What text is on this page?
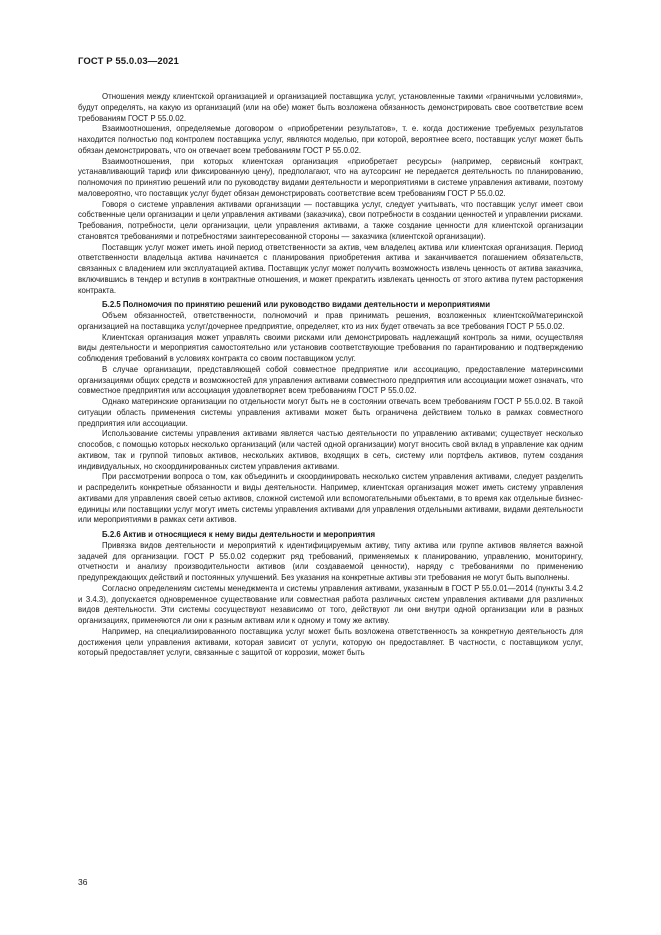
ГОСТ Р 55.0.03—2021

Отношения между клиентской организацией и организацией поставщика услуг, установленные такими «граничными условиями», будут определять, на какую из организаций (или на обе) может быть возложена обязанность демонстрировать свое соответствие всем требованиям ГОСТ Р 55.0.02.

Взаимоотношения, определяемые договором о «приобретении результатов», т. е. когда достижение требуемых результатов находится полностью под контролем поставщика услуг, являются моделью, при которой, вероятнее всего, поставщик услуг может быть обязан демонстрировать, что он отвечает всем требованиям ГОСТ Р 55.0.02.

Взаимоотношения, при которых клиентская организация «приобретает ресурсы» (например, сервисный контракт, устанавливающий тариф или фиксированную цену), предполагают, что на аутсорсинг не передается деятельность по планированию, полномочия по принятию решений или по руководству видами деятельности и мероприятиями в системе управления активами, поэтому маловероятно, что поставщик услуг будет обязан демонстрировать соответствие всем требованиям ГОСТ Р 55.0.02.

Говоря о системе управления активами организации — поставщика услуг, следует учитывать, что поставщик услуг имеет свои собственные цели организации и цели управления активами (заказчика), свои потребности в создании ценностей и управлении рисками. Требования, потребности, цели организации, цели управления активами, а также создание ценности для клиентской организации становятся требованиями и потребностями заинтересованной стороны — заказчика (клиентской организации).

Поставщик услуг может иметь иной период ответственности за актив, чем владелец актива или клиентская организация. Период ответственности владельца актива начинается с планирования приобретения актива и заканчивается погашением обязательств, связанных с владением или эксплуатацией актива. Поставщик услуг может получить возможность извлечь ценность от актива заказчика, включившись в тендер и вступив в контрактные отношения, и может прекратить извлекать ценность от этого актива путем расторжения контракта.

Б.2.5 Полномочия по принятию решений или руководство видами деятельности и мероприятиями

Объем обязанностей, ответственности, полномочий и прав принимать решения, возложенных клиентской/материнской организацией на поставщика услуг/дочернее предприятие, определяет, кто из них будет отвечать за все требования ГОСТ Р 55.0.02.

Клиентская организация может управлять своими рисками или демонстрировать надлежащий контроль за ними, осуществляя виды деятельности и мероприятия самостоятельно или установив соответствующие требования по гарантированию и подтверждению соблюдения требований в условиях контракта со своим поставщиком услуг.

В случае организации, представляющей собой совместное предприятие или ассоциацию, предоставление материнскими организациями общих средств и возможностей для управления активами совместного предприятия или ассоциации может означать, что совместное предприятия или ассоциация удовлетворяет всем требованиям ГОСТ Р 55.0.02.

Однако материнские организации по отдельности могут быть не в состоянии отвечать всем требованиям ГОСТ Р 55.0.02. В такой ситуации область применения системы управления активами может быть ограничена действием только в рамках совместного предприятия или ассоциации.

Использование системы управления активами является частью деятельности по управлению активами; существует несколько способов, с помощью которых несколько организаций (или частей одной организации) могут вносить свой вклад в управление как одним активом, так и группой типовых активов, нескольких активов, входящих в сеть, систему или портфель активов, путем создания индивидуальных, но скоординированных систем управления активами.

При рассмотрении вопроса о том, как объединить и скоординировать несколько систем управления активами, следует разделить и распределить конкретные обязанности и виды деятельности. Например, клиентская организация может иметь систему управления активами для управления своей сетью активов, сложной системой или вспомогательными объектами, в то время как отдельные бизнес-единицы или поставщики услуг могут иметь системы управления активами для управления отдельными активами, видами деятельности или мероприятиями в рамках сети активов.

Б.2.6 Актив и относящиеся к нему виды деятельности и мероприятия

Привязка видов деятельности и мероприятий к идентифицируемым активу, типу актива или группе активов является важной задачей для организации. ГОСТ Р 55.0.02 содержит ряд требований, применяемых к планированию, управлению, мониторингу, отчетности и анализу производительности активов (или создаваемой ценности), наряду с требованиями по применению предупреждающих действий и постоянных улучшений. Без указания на конкретные активы эти требования не могут быть выполнены.

Согласно определениям системы менеджмента и системы управления активами, указанным в ГОСТ Р 55.0.01—2014 (пункты 3.4.2 и 3.4.3), допускается одновременное существование или совместная работа различных систем управления активами для различных видов деятельности. Эти системы сосуществуют независимо от того, действуют ли они внутри одной организации или в разных организациях, применяются ли они к разным активам или к одному и тому же активу.

Например, на специализированного поставщика услуг может быть возложена ответственность за конкретную деятельность для достижения цели управления активами, которая зависит от услуги, которую он предоставляет. В частности, с поставщиком услуг, который предоставляет услуги, связанные с защитой от коррозии, может быть

36
